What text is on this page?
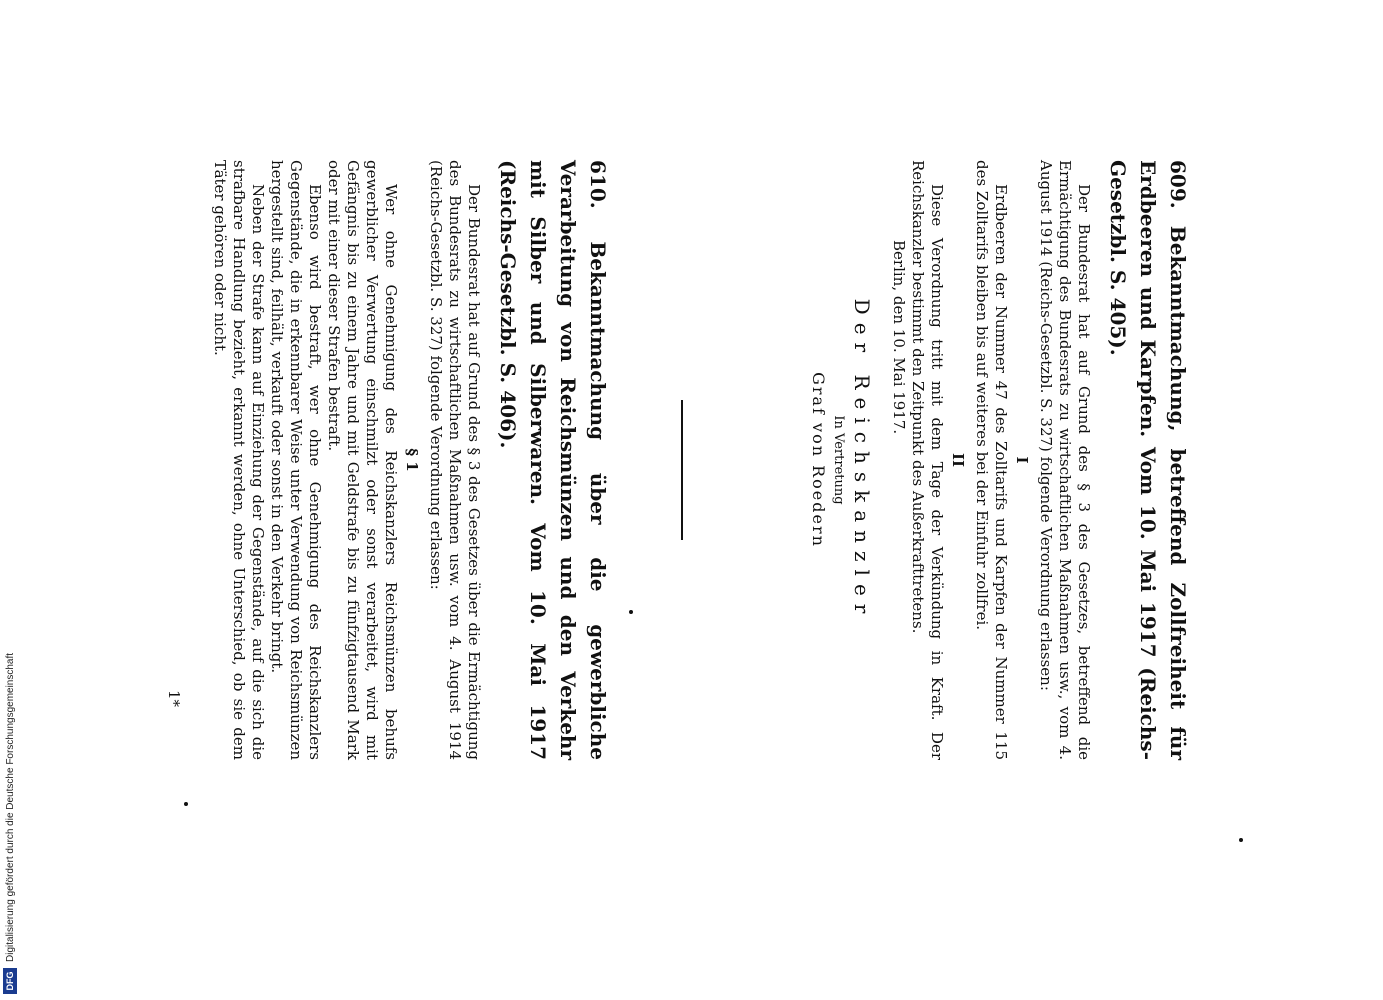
609. Bekanntmachung, betreffend Zollfreiheit für Erdbeeren und Karpfen. Vom 10. Mai 1917 (Reichs-Gesetzbl. S. 405).

Der Bundesrat hat auf Grund des § 3 des Gesetzes, betreffend die Ermächtigung des Bundesrats zu wirtschaftlichen Maßnahmen usw., vom 4. August 1914 (Reichs-Gesetzbl. S. 327) folgende Verordnung erlassen:

I

Erdbeeren der Nummer 47 des Zolltarifs und Karpfen der Nummer 115 des Zolltarifs bleiben bis auf weiteres bei der Einfuhr zollfrei.

II

Diese Verordnung tritt mit dem Tage der Verkündung in Kraft. Der Reichskanzler bestimmt den Zeitpunkt des Außerkrafttretens.

Berlin, den 10. Mai 1917.

Der Reichskanzler
In Vertretung
Graf von Roedern

610. Bekanntmachung über die gewerbliche Verarbeitung von Reichsmünzen und den Verkehr mit Silber und Silberwaren. Vom 10. Mai 1917 (Reichs-Gesetzbl. S. 406).

Der Bundesrat hat auf Grund des § 3 des Gesetzes über die Ermächtigung des Bundesrats zu wirtschaftlichen Maßnahmen usw. vom 4. August 1914 (Reichs-Gesetzbl. S. 327) folgende Verordnung erlassen:

§ 1

Wer ohne Genehmigung des Reichskanzlers Reichsmünzen behufs gewerblicher Verwertung einschmilzt oder sonst verarbeitet, wird mit Gefängnis bis zu einem Jahre und mit Geldstrafe bis zu fünfzigtausend Mark oder mit einer dieser Strafen bestraft.

Ebenso wird bestraft, wer ohne Genehmigung des Reichskanzlers Gegenstände, die in erkennbarer Weise unter Verwendung von Reichsmünzen hergestellt sind, feilhält, verkauft oder sonst in den Verkehr bringt.

Neben der Strafe kann auf Einziehung der Gegenstände, auf die sich die strafbare Handlung bezieht, erkannt werden, ohne Unterschied, ob sie dem Täter gehören oder nicht.

1*
DFG
Digitalisierung gefördert durch die Deutsche Forschungsgemeinschaft
